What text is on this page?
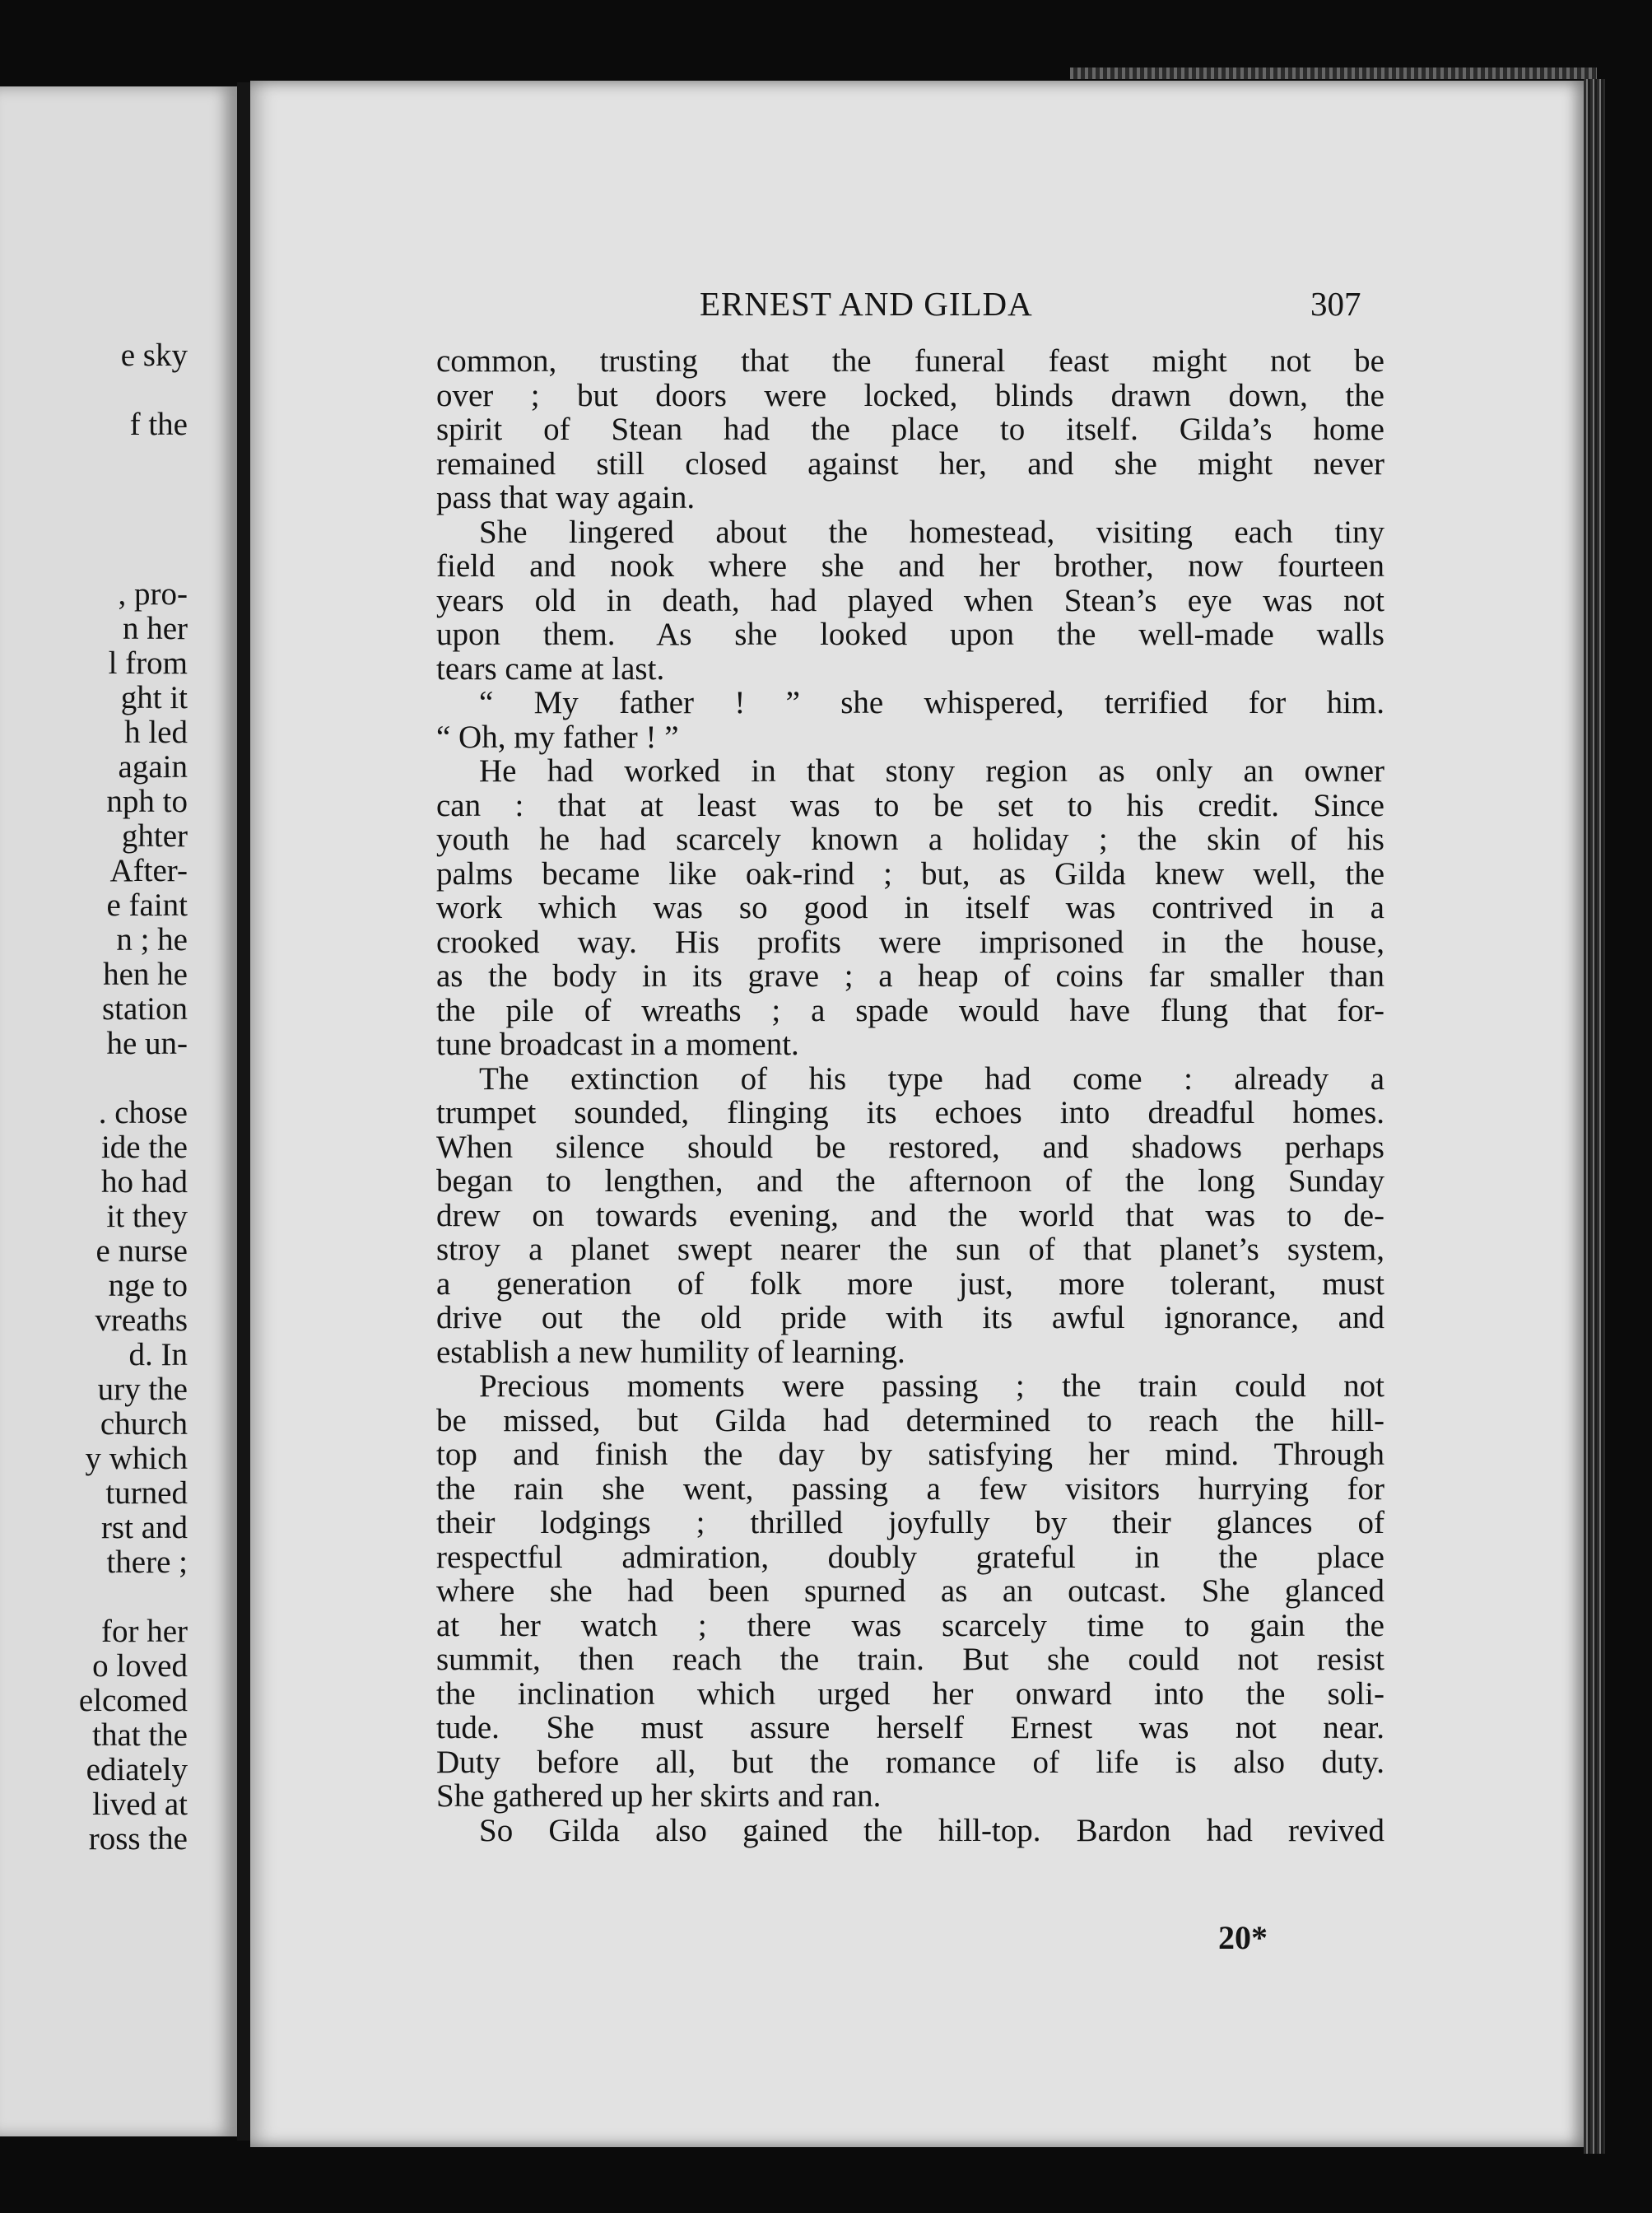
e sky
f the
, pro-
n her
l from
ght it
h led
again
nph to
ghter
After-
e faint
n ; he
hen he
station
he un-
. chose
ide the
ho had
it they
e nurse
nge to
vreaths
d. In
ury the
church
y which
turned
rst and
there ;
for her
o loved
elcomed
that the
ediately
lived at
ross the
ERNEST AND GILDA	307
common, trusting that the funeral feast might not be
over ; but doors were locked, blinds drawn down, the
spirit of Stean had the place to itself. Gilda’s home
remained still closed against her, and she might never
pass that way again.
She lingered about the homestead, visiting each tiny
field and nook where she and her brother, now fourteen
years old in death, had played when Stean’s eye was not
upon them. As she looked upon the well-made walls
tears came at last.
“ My father ! ” she whispered, terrified for him.
“ Oh, my father ! ”
He had worked in that stony region as only an owner
can : that at least was to be set to his credit. Since
youth he had scarcely known a holiday ; the skin of his
palms became like oak-rind ; but, as Gilda knew well, the
work which was so good in itself was contrived in a
crooked way. His profits were imprisoned in the house,
as the body in its grave ; a heap of coins far smaller than
the pile of wreaths ; a spade would have flung that for-
tune broadcast in a moment.
The extinction of his type had come : already a
trumpet sounded, flinging its echoes into dreadful homes.
When silence should be restored, and shadows perhaps
began to lengthen, and the afternoon of the long Sunday
drew on towards evening, and the world that was to de-
stroy a planet swept nearer the sun of that planet’s system,
a generation of folk more just, more tolerant, must
drive out the old pride with its awful ignorance, and
establish a new humility of learning.
Precious moments were passing ; the train could not
be missed, but Gilda had determined to reach the hill-
top and finish the day by satisfying her mind. Through
the rain she went, passing a few visitors hurrying for
their lodgings ; thrilled joyfully by their glances of
respectful admiration, doubly grateful in the place
where she had been spurned as an outcast. She glanced
at her watch ; there was scarcely time to gain the
summit, then reach the train. But she could not resist
the inclination which urged her onward into the soli-
tude. She must assure herself Ernest was not near.
Duty before all, but the romance of life is also duty.
She gathered up her skirts and ran.
So Gilda also gained the hill-top. Bardon had revived
20*
